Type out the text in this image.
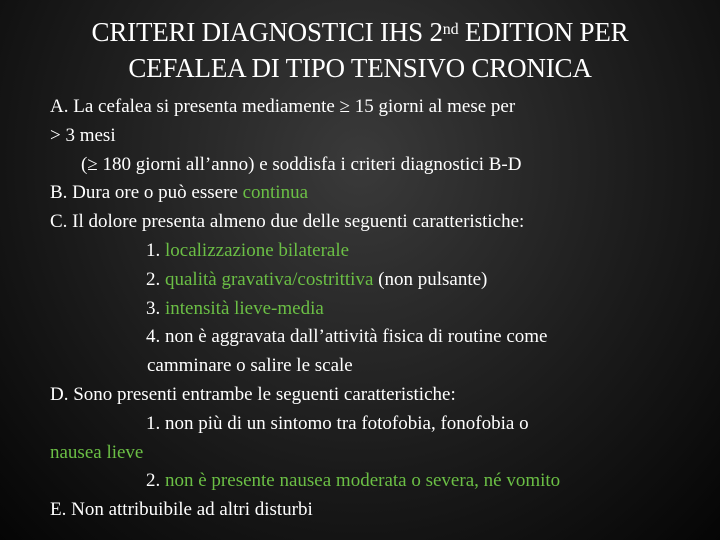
CRITERI DIAGNOSTICI IHS 2nd EDITION PER
CEFALEA DI TIPO TENSIVO CRONICA
A. La cefalea si presenta mediamente ≥ 15 giorni al mese per
> 3 mesi
(≥ 180 giorni all’anno) e soddisfa i criteri diagnostici B-D
B. Dura ore o può essere continua
C. Il dolore presenta almeno due delle seguenti caratteristiche:
1. localizzazione bilaterale
2. qualità gravativa/costrittiva (non pulsante)
3. intensità lieve-media
4. non è aggravata dall’attività fisica di routine come
camminare o salire le scale
D. Sono presenti entrambe le seguenti caratteristiche:
1. non più di un sintomo tra fotofobia, fonofobia o
nausea lieve
2. non è presente nausea moderata o severa, né vomito
E. Non attribuibile ad altri disturbi
